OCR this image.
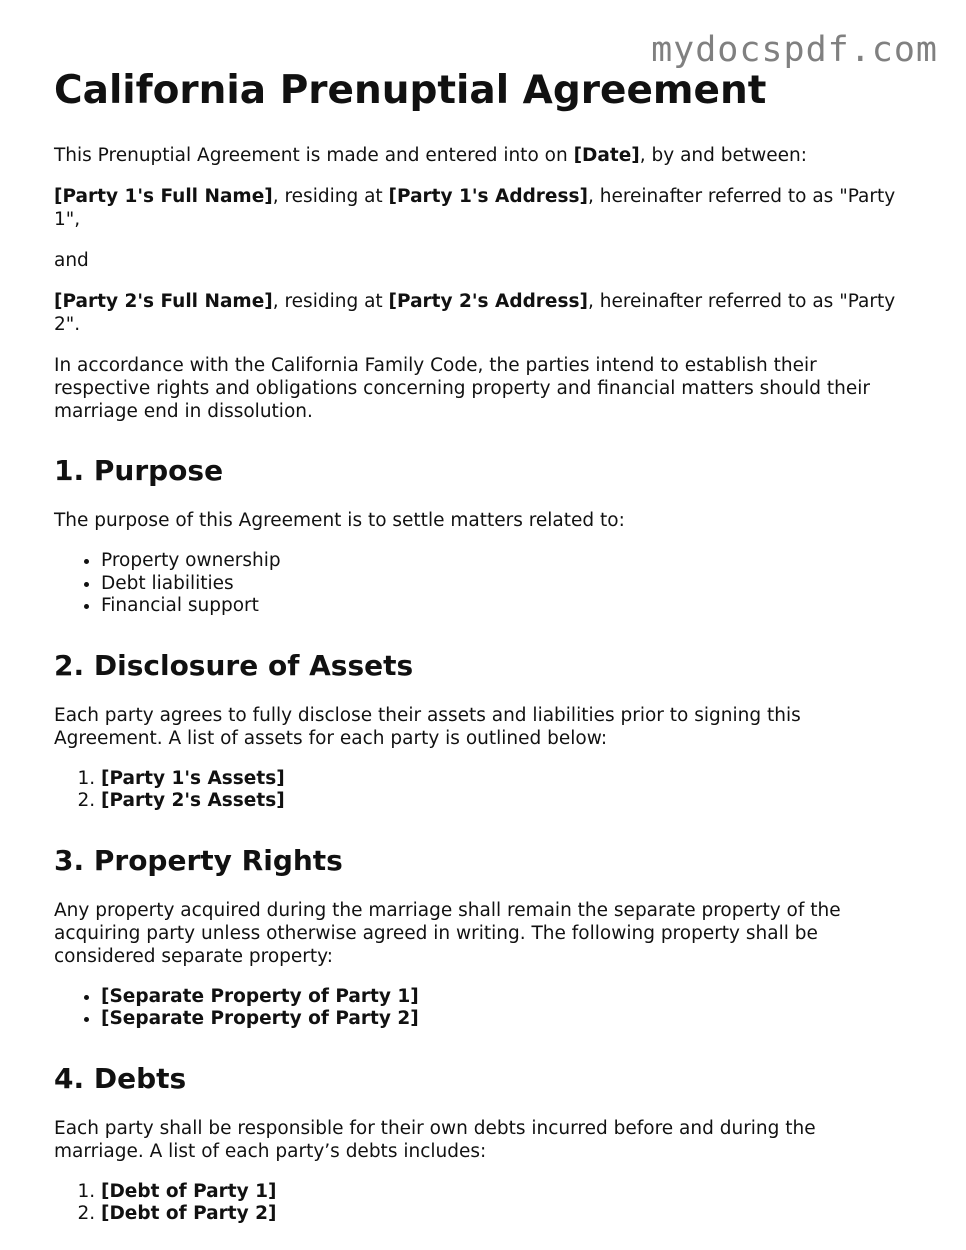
mydocspdf.com
California Prenuptial Agreement

This Prenuptial Agreement is made and entered into on [Date], by and between:

[Party 1's Full Name], residing at [Party 1's Address], hereinafter referred to as "Party 1",

and

[Party 2's Full Name], residing at [Party 2's Address], hereinafter referred to as "Party 2".

In accordance with the California Family Code, the parties intend to establish their respective rights and obligations concerning property and financial matters should their marriage end in dissolution.

1. Purpose

The purpose of this Agreement is to settle matters related to:

• Property ownership
• Debt liabilities
• Financial support
2. Disclosure of Assets

Each party agrees to fully disclose their assets and liabilities prior to signing this Agreement. A list of assets for each party is outlined below:

1. [Party 1's Assets]
2. [Party 2's Assets]
3. Property Rights

Any property acquired during the marriage shall remain the separate property of the acquiring party unless otherwise agreed in writing. The following property shall be considered separate property:

• [Separate Property of Party 1]
• [Separate Property of Party 2]
4. Debts

Each party shall be responsible for their own debts incurred before and during the marriage. A list of each party’s debts includes:

1. [Debt of Party 1]
2. [Debt of Party 2]
